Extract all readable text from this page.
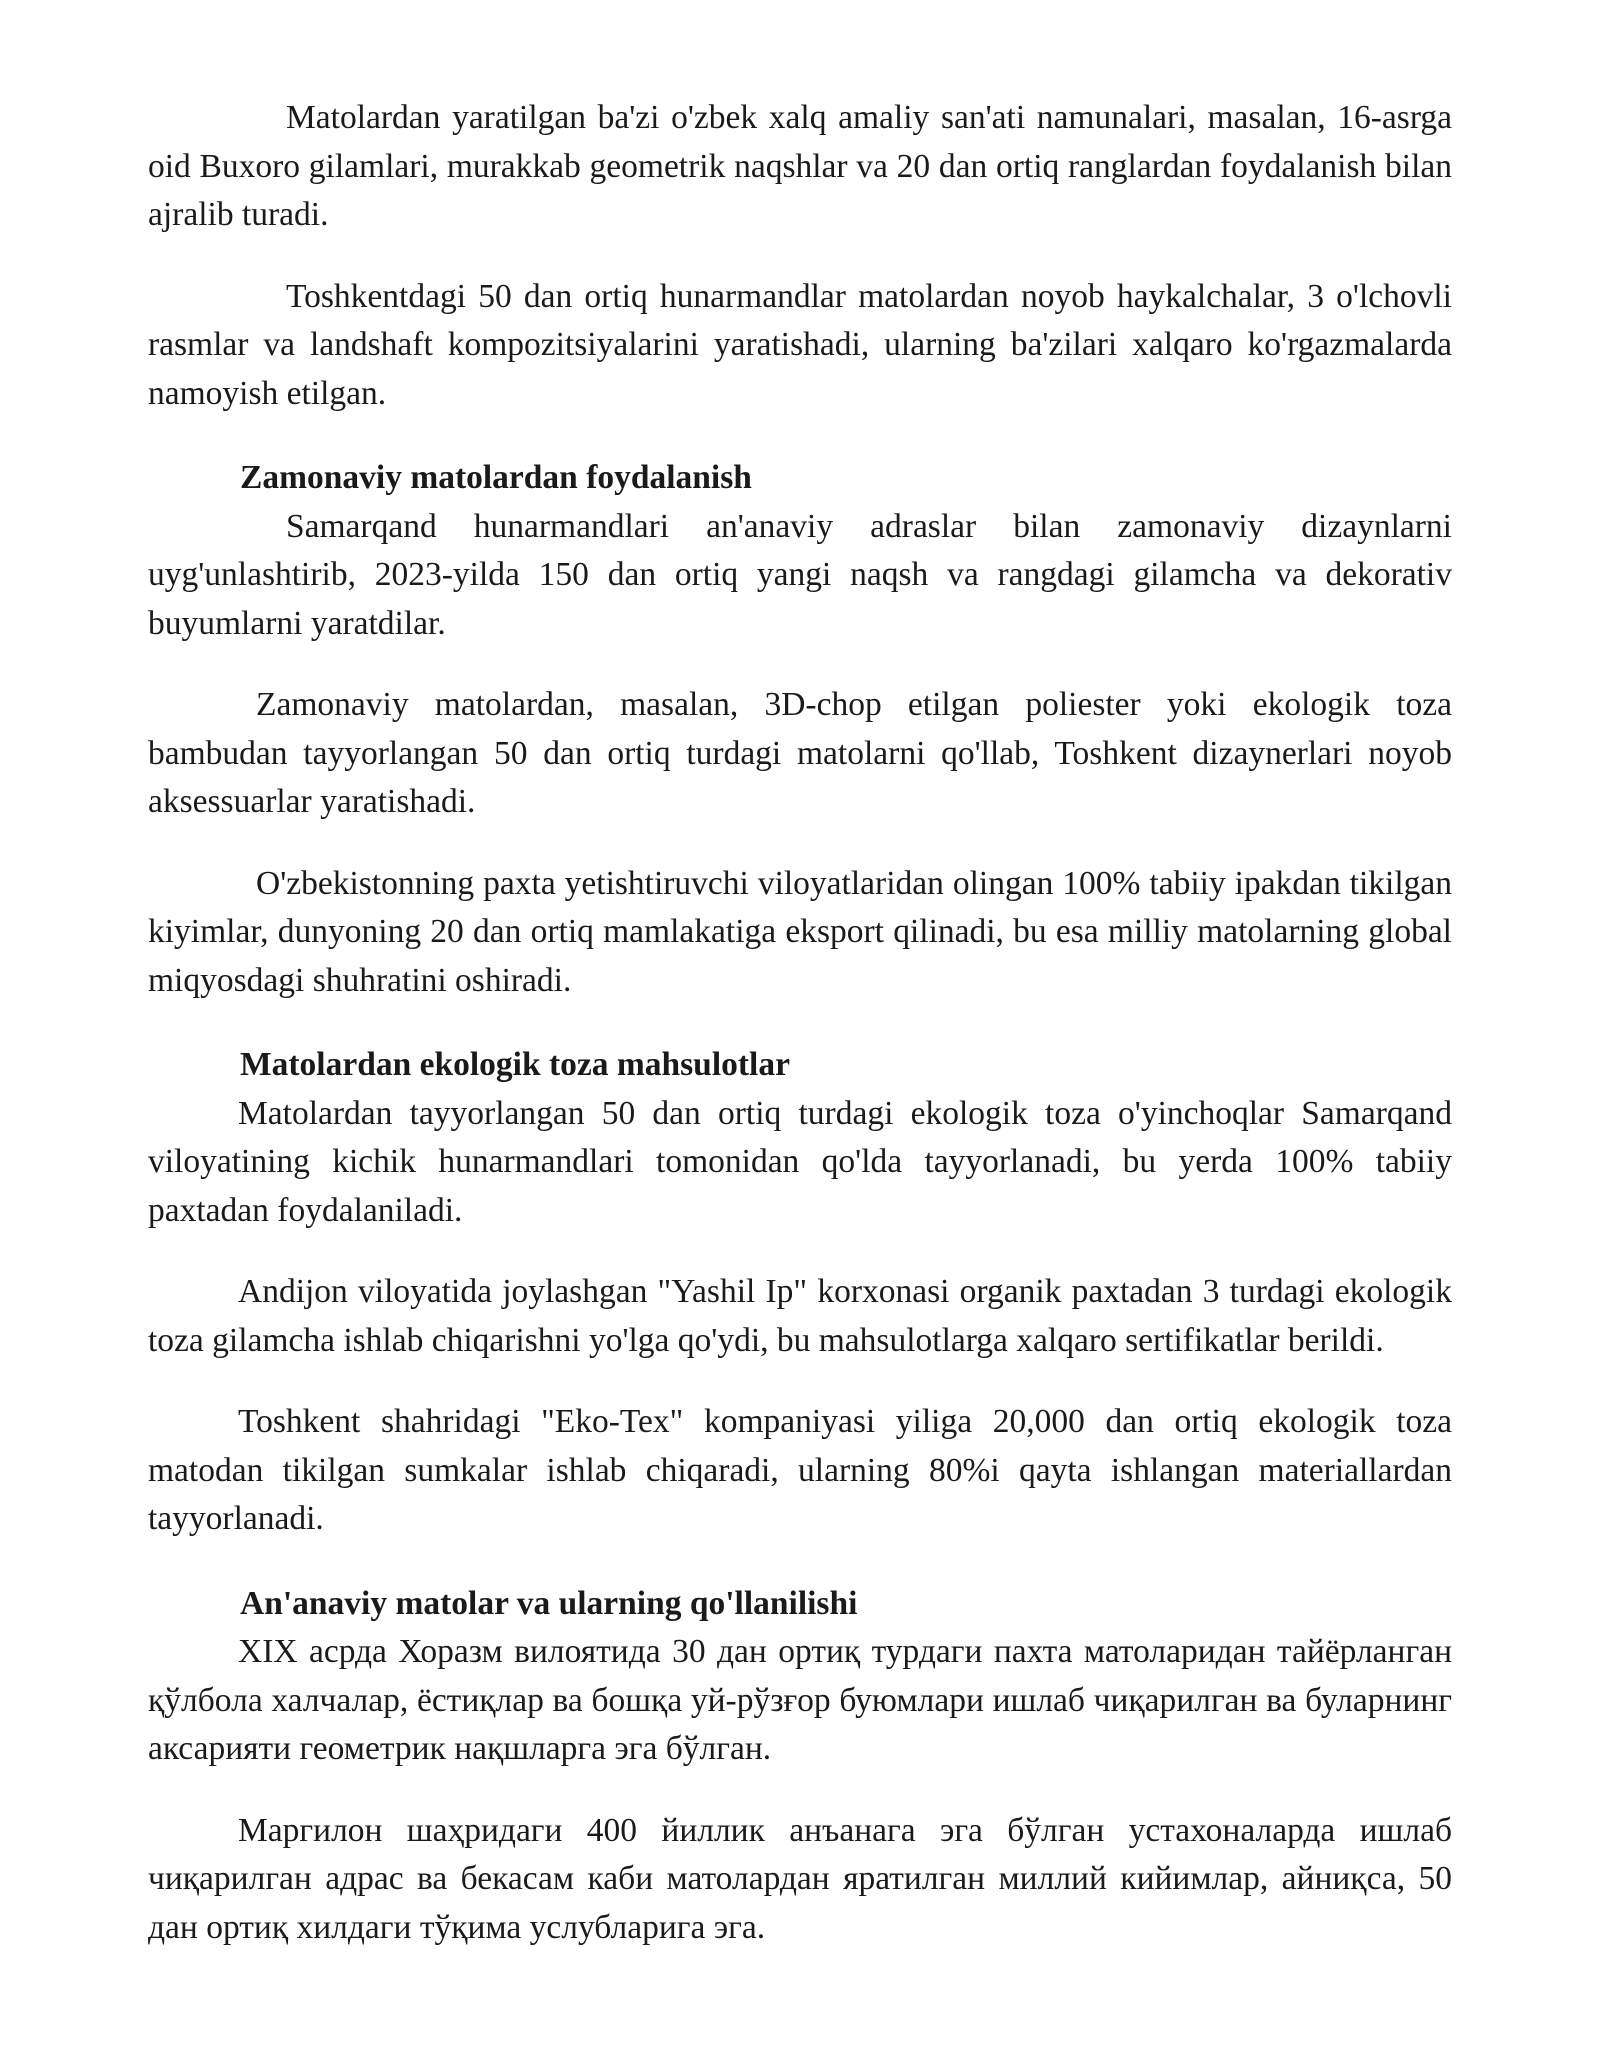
Matolardan yaratilgan ba'zi o'zbek xalq amaliy san'ati namunalari, masalan, 16-asrga oid Buxoro gilamlari, murakkab geometrik naqshlar va 20 dan ortiq ranglardan foydalanish bilan ajralib turadi.

Toshkentdagi 50 dan ortiq hunarmandlar matolardan noyob haykalchalar, 3 o'lchovli rasmlar va landshaft kompozitsiyalarini yaratishadi, ularning ba'zilari xalqaro ko'rgazmalarda namoyish etilgan.

Zamonaviy matolardan foydalanish

Samarqand hunarmandlari an'anaviy adraslar bilan zamonaviy dizaynlarni uyg'unlashtirib, 2023-yilda 150 dan ortiq yangi naqsh va rangdagi gilamcha va dekorativ buyumlarni yaratdilar.

Zamonaviy matolardan, masalan, 3D-chop etilgan poliester yoki ekologik toza bambudan tayyorlangan 50 dan ortiq turdagi matolarni qo'llab, Toshkent dizaynerlari noyob aksessuarlar yaratishadi.

O'zbekistonning paxta yetishtiruvchi viloyatlaridan olingan 100% tabiiy ipakdan tikilgan kiyimlar, dunyoning 20 dan ortiq mamlakatiga eksport qilinadi, bu esa milliy matolarning global miqyosdagi shuhratini oshiradi.

Matolardan ekologik toza mahsulotlar

Matolardan tayyorlangan 50 dan ortiq turdagi ekologik toza o'yinchoqlar Samarqand viloyatining kichik hunarmandlari tomonidan qo'lda tayyorlanadi, bu yerda 100% tabiiy paxtadan foydalaniladi.

Andijon viloyatida joylashgan "Yashil Ip" korxonasi organik paxtadan 3 turdagi ekologik toza gilamcha ishlab chiqarishni yo'lga qo'ydi, bu mahsulotlarga xalqaro sertifikatlar berildi.

Toshkent shahridagi "Eko-Tex" kompaniyasi yiliga 20,000 dan ortiq ekologik toza matodan tikilgan sumkalar ishlab chiqaradi, ularning 80%i qayta ishlangan materiallardan tayyorlanadi.

An'anaviy matolar va ularning qo'llanilishi

XIX асрда Хоразм вилоятида 30 дан ортиқ турдаги пахта матоларидан тайёрланган қўлбола халчалар, ёстиқлар ва бошқа уй-рўзғор буюмлари ишлаб чиқарилган ва буларнинг аксарияти геометрик нақшларга эга бўлган.

Маргилон шаҳридаги 400 йиллик анъанага эга бўлган устахоналарда ишлаб чиқарилган адрас ва бекасам каби матолардан яратилган миллий кийимлар, айниқса, 50 дан ортиқ хилдаги тўқима услубларига эга.
